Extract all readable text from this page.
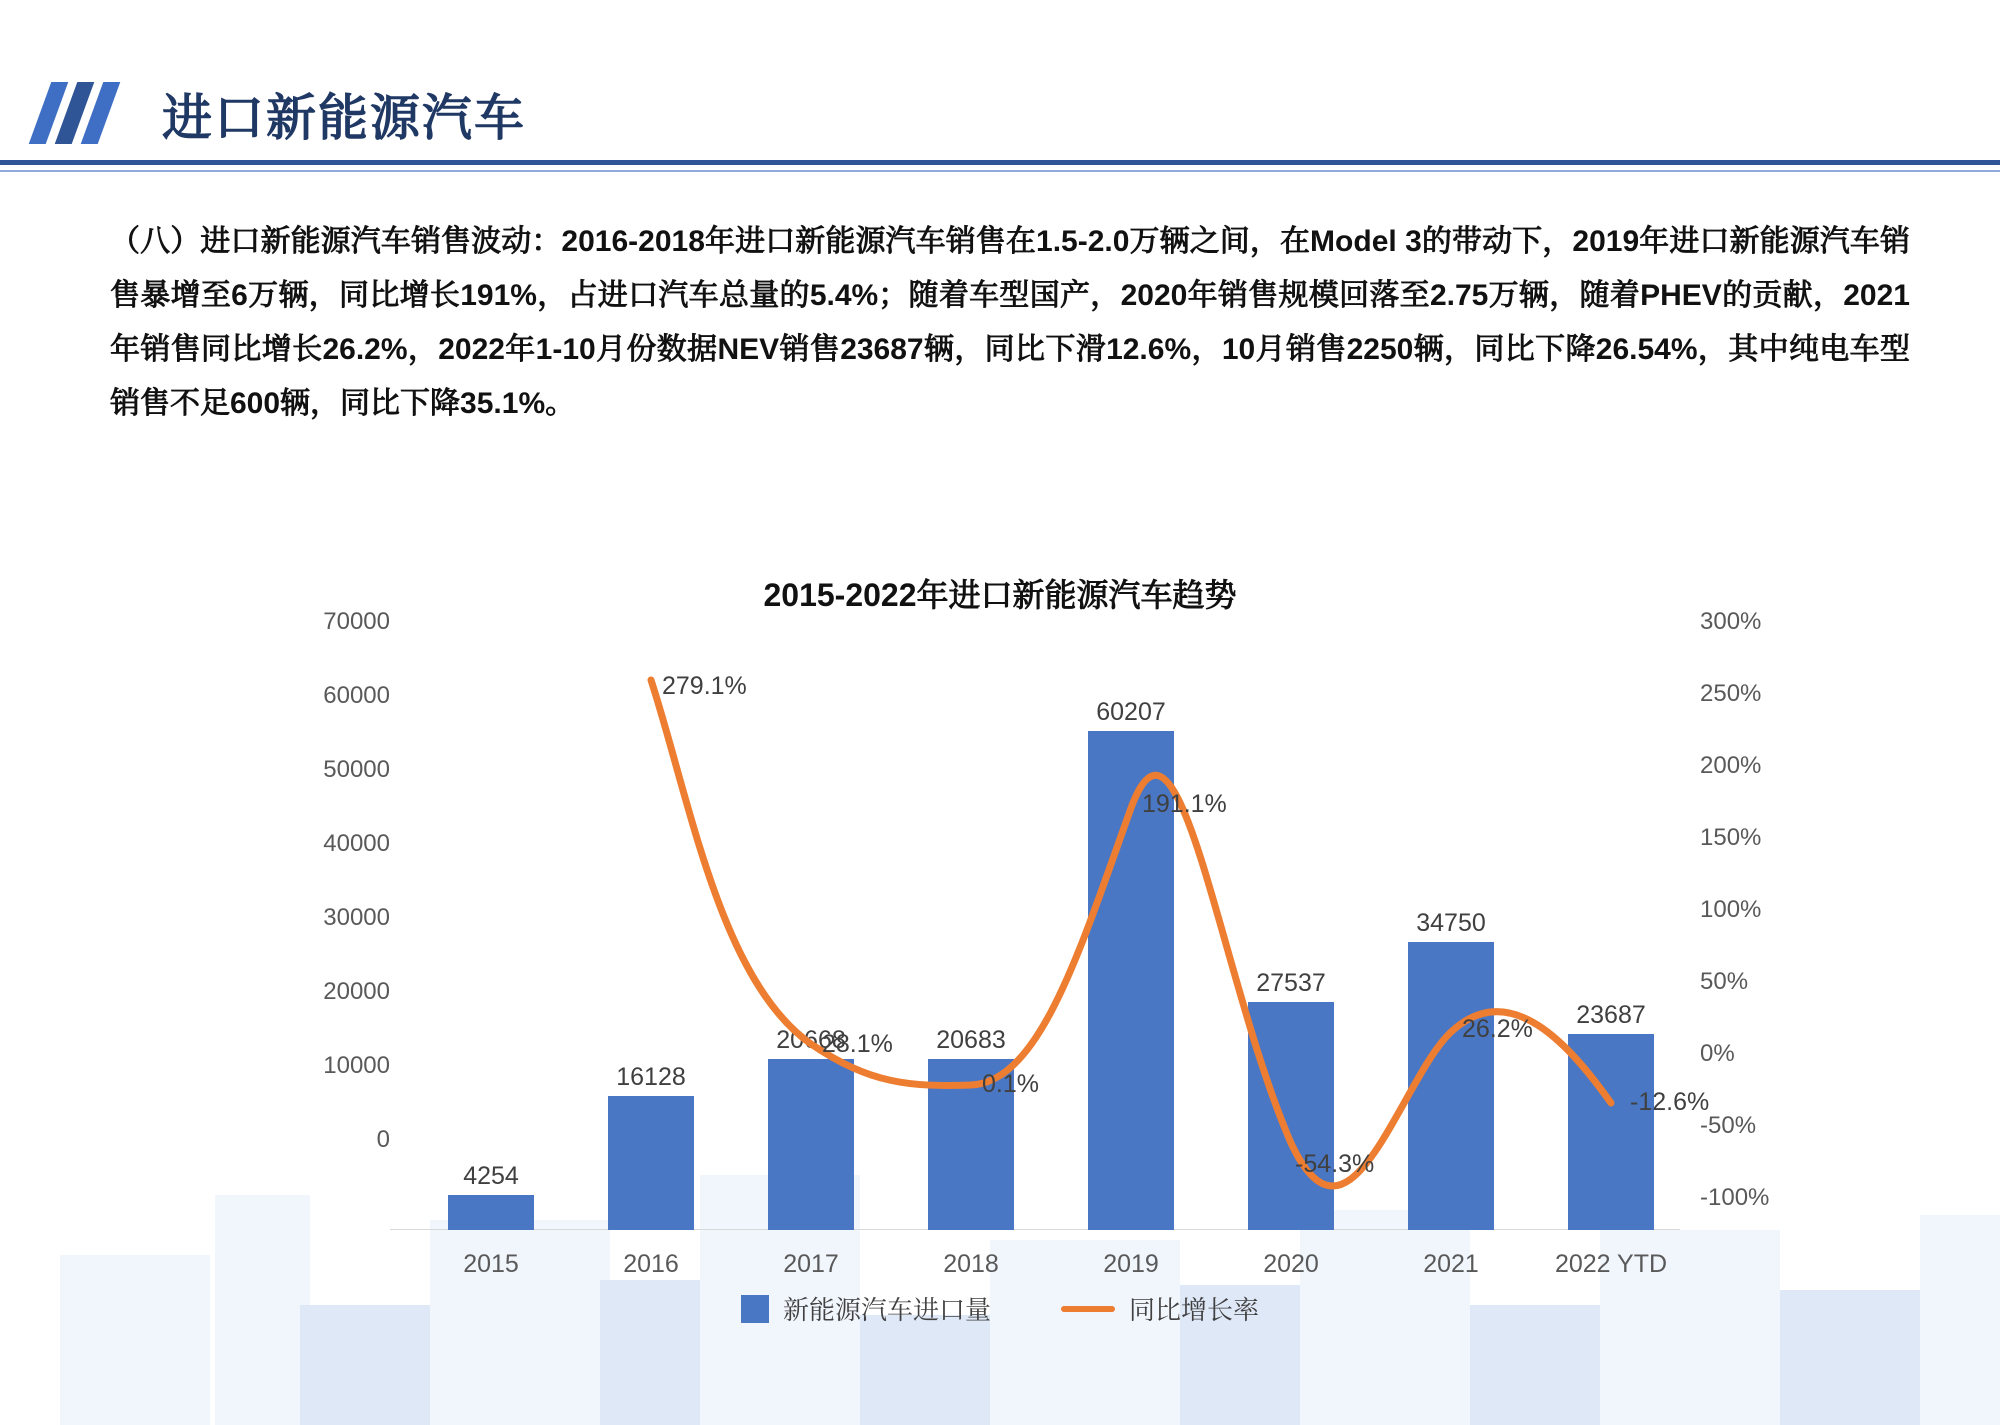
进口新能源汽车

（八）进口新能源汽车销售波动：2016-2018年进口新能源汽车销售在1.5-2.0万辆之间，在Model 3的带动下，2019年进口新能源汽车销售暴增至6万辆，同比增长191%，占进口汽车总量的5.4%；随着车型国产，2020年销售规模回落至2.75万辆，随着PHEV的贡献，2021年销售同比增长26.2%，2022年1-10月份数据NEV销售23687辆，同比下滑12.6%，10月销售2250辆，同比下降26.54%，其中纯电车型销售不足600辆，同比下降35.1%。

2015-2022年进口新能源汽车趋势
70000
60000
50000
40000
30000
20000
10000
0
300%
250%
200%
150%
100%
50%
0%
-50%
-100%
4254
16128
20668	20683
60207
27537
34750
23687
279.1%
28.1%
0.1%
191.1%
-54.3%
26.2%
-12.6%
2015	2016	2017	2018	2019	2020	2021	2022 YTD
新能源汽车进口量	同比增长率
